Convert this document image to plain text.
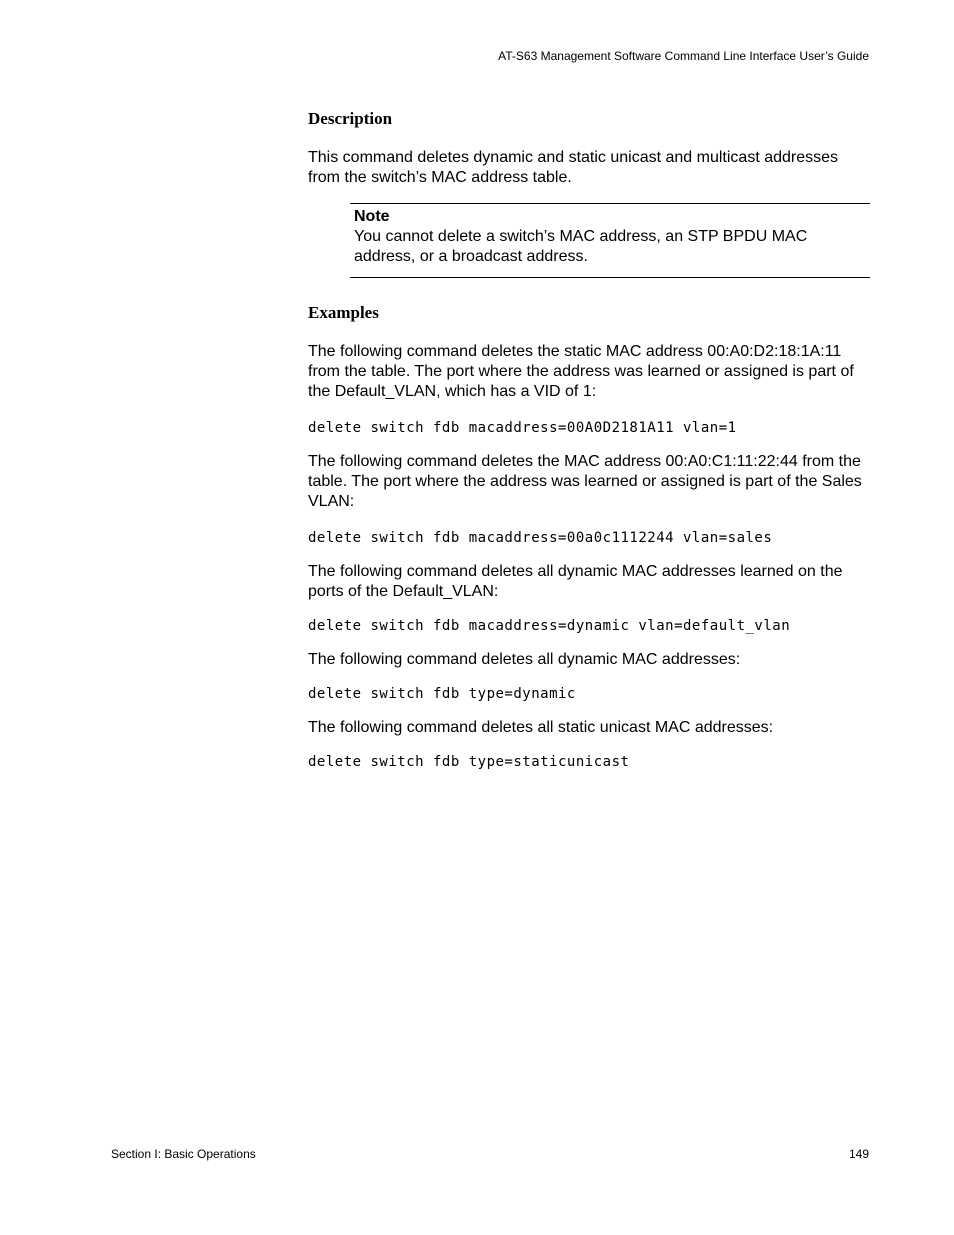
AT-S63 Management Software Command Line Interface User’s Guide
Description

This command deletes dynamic and static unicast and multicast addresses from the switch’s MAC address table.

Note
You cannot delete a switch’s MAC address, an STP BPDU MAC address, or a broadcast address.
Examples

The following command deletes the static MAC address 00:A0:D2:18:1A:11 from the table. The port where the address was learned or assigned is part of the Default_VLAN, which has a VID of 1:

delete switch fdb macaddress=00A0D2181A11 vlan=1

The following command deletes the MAC address 00:A0:C1:11:22:44 from the table. The port where the address was learned or assigned is part of the Sales VLAN:

delete switch fdb macaddress=00a0c1112244 vlan=sales

The following command deletes all dynamic MAC addresses learned on the ports of the Default_VLAN:

delete switch fdb macaddress=dynamic vlan=default_vlan

The following command deletes all dynamic MAC addresses:

delete switch fdb type=dynamic

The following command deletes all static unicast MAC addresses:

delete switch fdb type=staticunicast
Section I: Basic Operations	149
